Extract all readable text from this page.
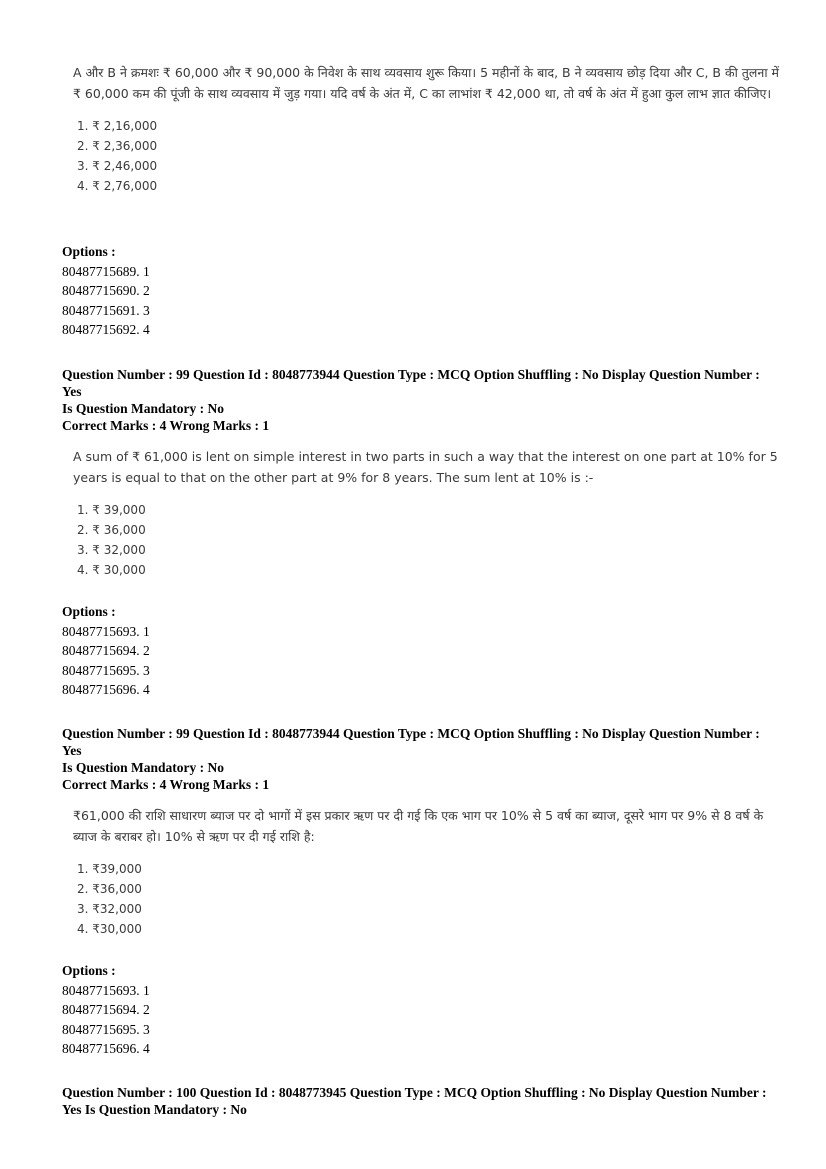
A और B ने क्रमशः ₹ 60,000 और ₹ 90,000 के निवेश के साथ व्यवसाय शुरू किया। 5 महीनों के बाद, B ने व्यवसाय छोड़ दिया और C, B की तुलना में ₹ 60,000 कम की पूंजी के साथ व्यवसाय में जुड़ गया। यदि वर्ष के अंत में, C का लाभांश ₹ 42,000 था, तो वर्ष के अंत में हुआ कुल लाभ ज्ञात कीजिए।

1. ₹ 2,16,000
2. ₹ 2,36,000
3. ₹ 2,46,000
4. ₹ 2,76,000
Options :
80487715689. 1
80487715690. 2
80487715691. 3
80487715692. 4
Question Number : 99 Question Id : 8048773944 Question Type : MCQ Option Shuffling : No Display Question Number : Yes
Is Question Mandatory : No
Correct Marks : 4 Wrong Marks : 1

A sum of ₹ 61,000 is lent on simple interest in two parts in such a way that the interest on one part at 10% for 5 years is equal to that on the other part at 9% for 8 years. The sum lent at 10% is :-

1. ₹ 39,000
2. ₹ 36,000
3. ₹ 32,000
4. ₹ 30,000
Options :
80487715693. 1
80487715694. 2
80487715695. 3
80487715696. 4
Question Number : 99 Question Id : 8048773944 Question Type : MCQ Option Shuffling : No Display Question Number : Yes
Is Question Mandatory : No
Correct Marks : 4 Wrong Marks : 1

₹61,000 की राशि साधारण ब्याज पर दो भागों में इस प्रकार ऋण पर दी गई कि एक भाग पर 10% से 5 वर्ष का ब्याज, दूसरे भाग पर 9% से 8 वर्ष के ब्याज के बराबर हो। 10% से ऋण पर दी गई राशि है:

1. ₹39,000
2. ₹36,000
3. ₹32,000
4. ₹30,000
Options :
80487715693. 1
80487715694. 2
80487715695. 3
80487715696. 4
Question Number : 100 Question Id : 8048773945 Question Type : MCQ Option Shuffling : No Display Question Number :
Yes Is Question Mandatory : No
